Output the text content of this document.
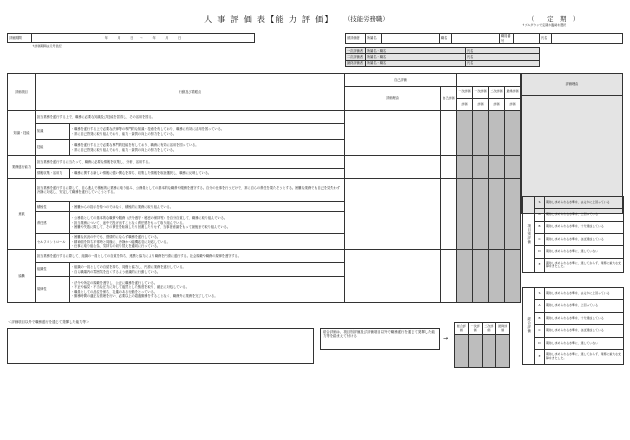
人 事 評 価 表【能 力 評 価】 （技能労務職）	（　　定　期　）
↑プルダウンで定期か臨時を選択
評価期間	年　　　月　　　日　　～　　　年　　　月　　　日
↑評価期間は元号表記
被評価者	所属名		職名		職員番号		氏名	
一次評価者	所属名・職名	氏名
二次評価者	所属名・職名	氏名
最終評価者	所属名・職名	氏名
評価項目	行動及び着眼点		自己評価					
			評価理由	自己評価	一次評価	一次評価	二次評価	最終評価
					評価	評価	評価	評価
知識・技能	担当業務を遂行する上で、職務に必要な知識及び技能を習得し、その活用を図る。							
	知識	・職務を遂行する上で必要な法律等の専門的な知識・技術を有しており、職務に有効に活用を図っている。
・常に自己啓発に取り組んでおり、能力・資質の向上の努力をしている。						

	技能	・職務を遂行する上で必要な専門的技能を有しており、職務に有効に活用を図っている。
・常に自己啓発に取り組んでおり、能力・資質の向上の努力をしている。						

業務遂行能力	担当業務を遂行するに当たって、職務に必要な情報を収集し、分析、活用する。							
	情報収集・活用力	・職務に関する新しい情報に強い関心を持ち、収集した情報を取捨選択し、職務に反映している。						

意欲	担当業務を遂行するに際して、自ら進んで積極的に業務に取り組み、公務員としての基本的な職責や服務を遵守する。自分の仕事を行うだけで、常に自らの責任を果たそうとする。困難な業務でも自己を見失わず冷静に対応し、安定して職務を遂行していこうとする。							
	積極性	・困難からの指示を待つのではなく、積極的に業務に取り組んでいる。						

	責任感	・公務員としての基本的な職責や服務（法令遵守・秘密の保持等）を自分自覚して、職務に取り組んでいる。
・担当業務について、途中で投げ出すことなく責任感をもって取り組んでいる。
・困難や失敗に際して、その責任を転嫁したり回避したりせず、当事者意識をもって最後まで取り組んでいる。						

	セルフコントロール	・困難な状況の中でも、感情的にならず職務を遂行している。
・精神面を持ち平常時と同様に、冷静かつ臨機応変に対応している。
・仕事に取り組む為、気持ちの切り替えを適切に行っている。						

協働	担当業務を遂行するに際して、組織の一員としての自覚を持ち、連携と協力により職務を円滑に遂行する。社会規範や職務の規律を遵守する。							
	組織性	・組織の一員としての自覚を持ち、同僚と協力し、円滑に業務を遂行している。
・自ら職場内の雰囲気を良くするよう意識的に行動している。						

	規律性	・法令や所定の規範を遵守し、公正に職務を遂行している。
・不正や偏見・不当な圧力に対して毅然とした態度を取り、厳正に対処している。
・職員としての品位を保ち、礼儀のある行動をとっている。
・勤務時間の適正な管理を行い、必要以上の超過勤務をすることなく、職務外に業務を完了している。						
評価理由

項目別評価	S	期待し求められる水準を、はるかに上回っている
	A	期待し求められる水準を、上回っている
	B	期待し求められる水準を、十分達成している
	C	期待し求められる水準を、ほぼ達成している
	D	期待し求められる水準に、達していない
	E	期待し求められる水準に、達しておらず、業務に重大な支障をきたした。
＜評価項目以外で職務遂行を通じて発揮した能力等＞
総合評価は、項目別評価及び評価項目以外で職務遂行を通じて発揮した能力等を踏まえて付ける	→
総合評価	一次評価	二次評価	最終評価
				総合評価	S	期待し求められる水準を、はるかに上回っている
	A	期待し求められる水準を、上回っている
	B	期待し求められる水準を、十分達成している
	C	期待し求められる水準を、ほぼ達成している
	D	期待し求められる水準に、達していない
	E	期待し求められる水準に、達しておらず、業務に重大な支障をきたした。
